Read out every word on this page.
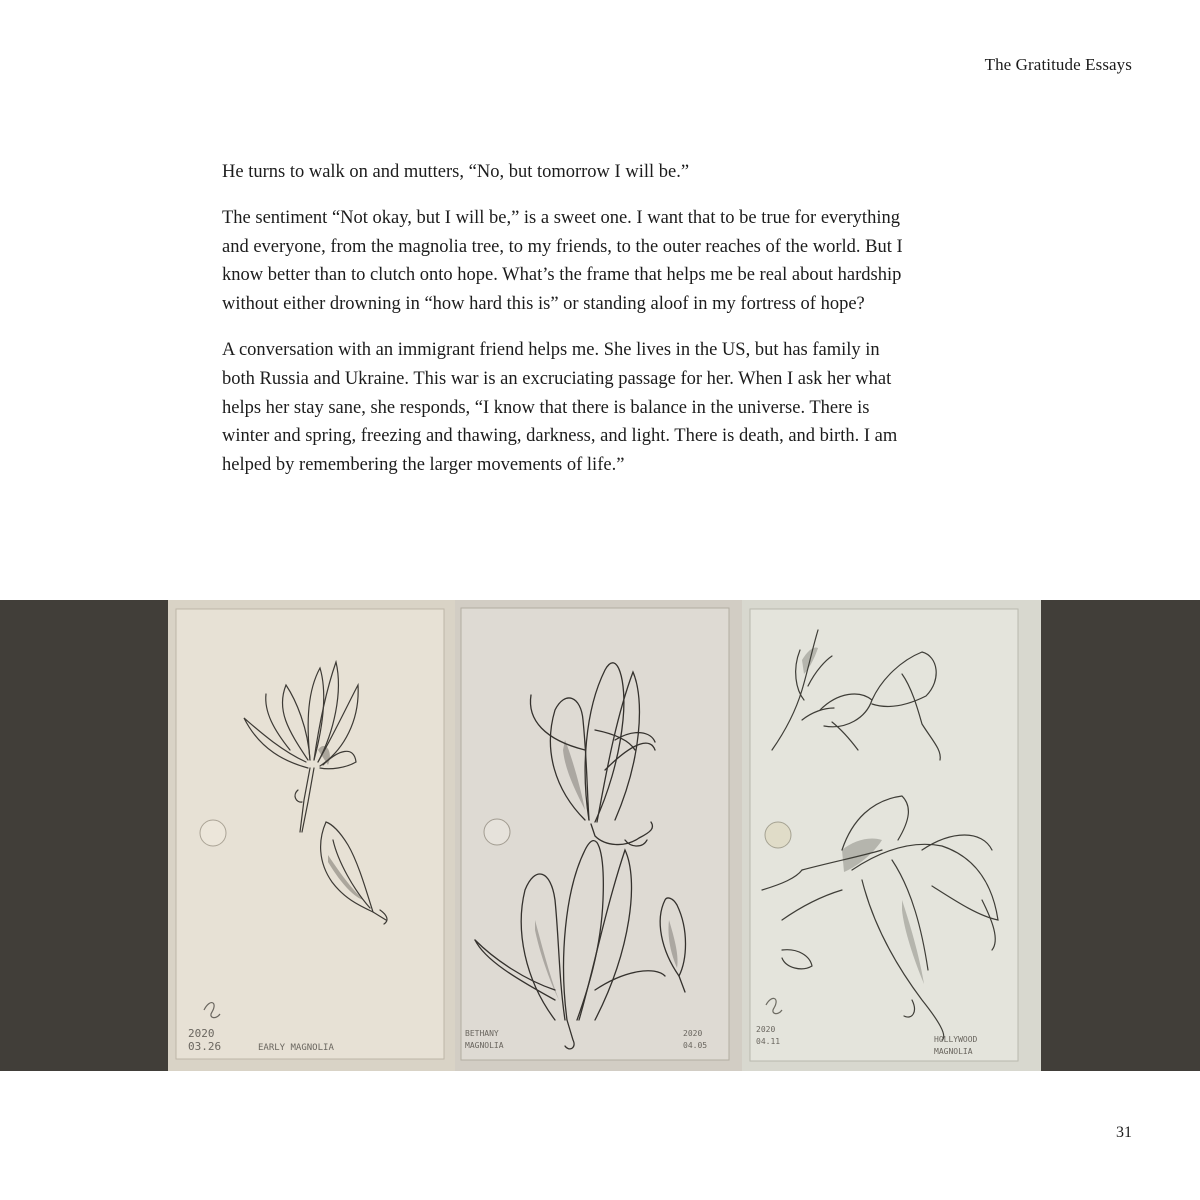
The Gratitude Essays

He turns to walk on and mutters, “No, but tomorrow I will be.”

The sentiment “Not okay, but I will be,” is a sweet one. I want that to be true for everything and everyone, from the magnolia tree, to my friends, to the outer reaches of the world. But I know better than to clutch onto hope. What’s the frame that helps me be real about hardship without either drowning in “how hard this is” or standing aloof in my fortress of hope?

A conversation with an immigrant friend helps me. She lives in the US, but has family in both Russia and Ukraine. This war is an excruciating passage for her. When I ask her what helps her stay sane, she responds, “I know that there is balance in the universe. There is winter and spring, freezing and thawing, darkness, and light. There is death, and birth. I am helped by remembering the larger movements of life.”

2020
03.26	EARLY MAGNOLIA
BETHANY
MAGNOLIA
2020
04.05
2020
04.11	HOLLYWOOD
MAGNOLIA
31
